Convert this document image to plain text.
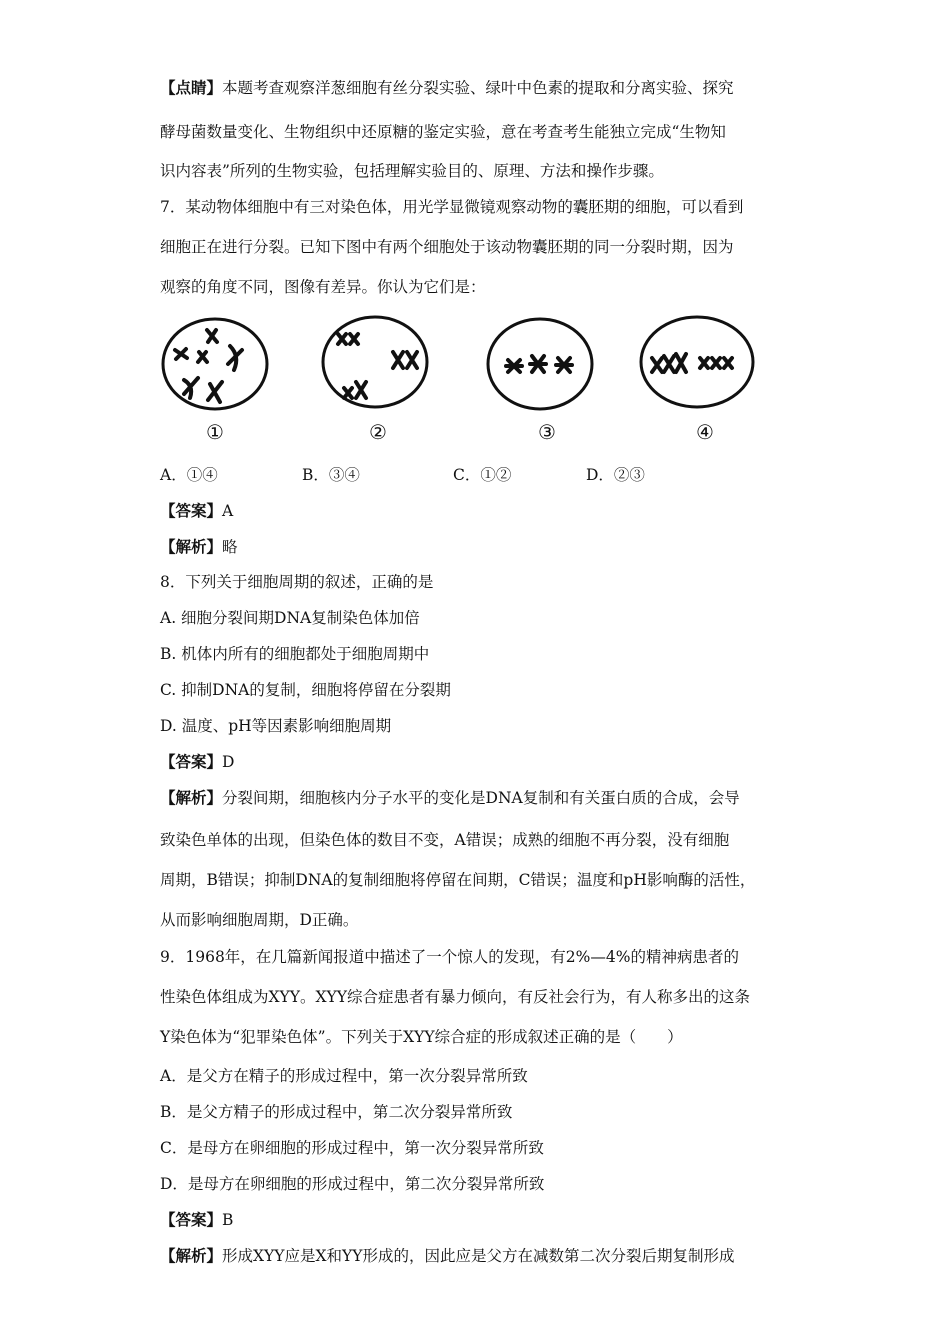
【点睛】本题考查观察洋葱细胞有丝分裂实验、绿叶中色素的提取和分离实验、探究

酵母菌数量变化、生物组织中还原糖的鉴定实验，意在考查考生能独立完成“生物知

识内容表”所列的生物实验，包括理解实验目的、原理、方法和操作步骤。

7．某动物体细胞中有三对染色体，用光学显微镜观察动物的囊胚期的细胞，可以看到

细胞正在进行分裂。已知下图中有两个细胞处于该动物囊胚期的同一分裂时期，因为

观察的角度不同，图像有差异。你认为它们是：

①	②	③	④
A．①④	B．③④	C．①②	D．②③

【答案】A

【解析】略

8．下列关于细胞周期的叙述，正确的是

A. 细胞分裂间期DNA复制染色体加倍

B. 机体内所有的细胞都处于细胞周期中

C. 抑制DNA的复制，细胞将停留在分裂期

D. 温度、pH等因素影响细胞周期

【答案】D

【解析】分裂间期，细胞核内分子水平的变化是DNA复制和有关蛋白质的合成，会导

致染色单体的出现，但染色体的数目不变，A错误；成熟的细胞不再分裂，没有细胞

周期，B错误；抑制DNA的复制细胞将停留在间期，C错误；温度和pH影响酶的活性，

从而影响细胞周期，D正确。

9．1968年，在几篇新闻报道中描述了一个惊人的发现，有2%—4%的精神病患者的

性染色体组成为XYY。XYY综合症患者有暴力倾向，有反社会行为，有人称多出的这条

Y染色体为“犯罪染色体”。下列关于XYY综合症的形成叙述正确的是（　　）

A．是父方在精子的形成过程中，第一次分裂异常所致

B．是父方精子的形成过程中，第二次分裂异常所致

C．是母方在卵细胞的形成过程中，第一次分裂异常所致

D．是母方在卵细胞的形成过程中，第二次分裂异常所致

【答案】B

【解析】形成XYY应是X和YY形成的，因此应是父方在减数第二次分裂后期复制形成
